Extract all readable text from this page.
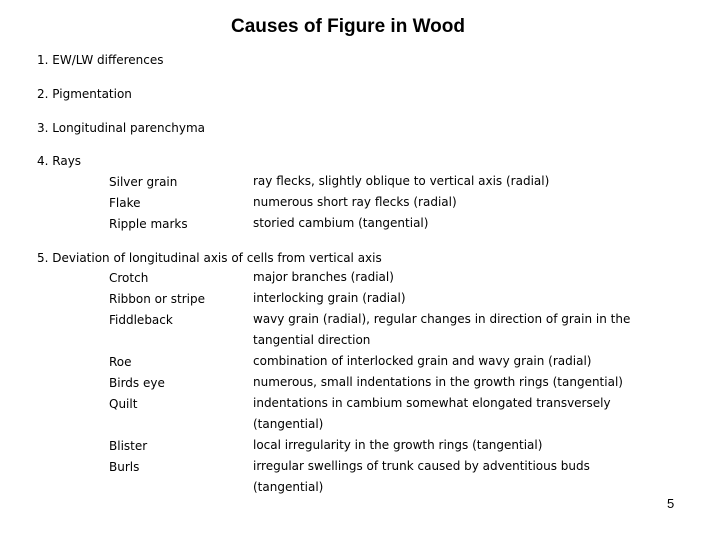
Causes of Figure in Wood
1. EW/LW differences
2. Pigmentation
3. Longitudinal parenchyma
4. Rays
Silver grain	ray flecks, slightly oblique to vertical axis (radial)
Flake	numerous short ray flecks (radial)
Ripple marks	storied cambium (tangential)
5. Deviation of longitudinal axis of cells from vertical axis
Crotch	major branches (radial)
Ribbon or stripe	interlocking grain (radial)
Fiddleback	wavy grain (radial), regular changes in direction of grain in the tangential direction
Roe	combination of interlocked grain and wavy grain (radial)
Birds eye	numerous, small indentations in the growth rings (tangential)
Quilt	indentations in cambium somewhat elongated transversely (tangential)
Blister	local irregularity in the growth rings (tangential)
Burls	irregular swellings of trunk caused by adventitious buds (tangential)
5
